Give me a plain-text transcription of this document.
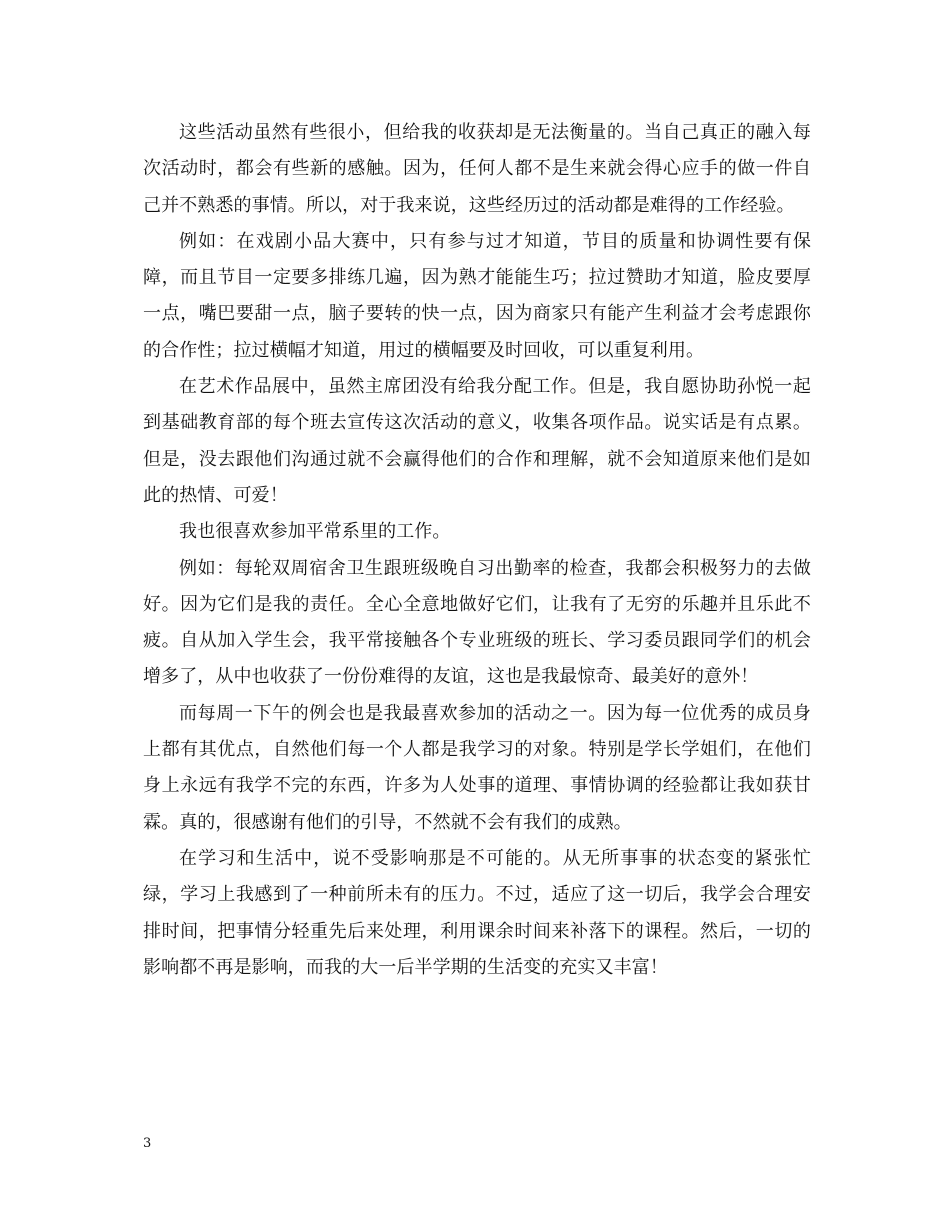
这些活动虽然有些很小，但给我的收获却是无法衡量的。当自己真正的融入每次活动时，都会有些新的感触。因为，任何人都不是生来就会得心应手的做一件自己并不熟悉的事情。所以，对于我来说，这些经历过的活动都是难得的工作经验。

例如：在戏剧小品大赛中，只有参与过才知道，节目的质量和协调性要有保障，而且节目一定要多排练几遍，因为熟才能能生巧；拉过赞助才知道，脸皮要厚一点，嘴巴要甜一点，脑子要转的快一点，因为商家只有能产生利益才会考虑跟你的合作性；拉过横幅才知道，用过的横幅要及时回收，可以重复利用。

在艺术作品展中，虽然主席团没有给我分配工作。但是，我自愿协助孙悦一起到基础教育部的每个班去宣传这次活动的意义，收集各项作品。说实话是有点累。但是，没去跟他们沟通过就不会赢得他们的合作和理解，就不会知道原来他们是如此的热情、可爱！

我也很喜欢参加平常系里的工作。

例如：每轮双周宿舍卫生跟班级晚自习出勤率的检查，我都会积极努力的去做好。因为它们是我的责任。全心全意地做好它们，让我有了无穷的乐趣并且乐此不疲。自从加入学生会，我平常接触各个专业班级的班长、学习委员跟同学们的机会增多了，从中也收获了一份份难得的友谊，这也是我最惊奇、最美好的意外！

而每周一下午的例会也是我最喜欢参加的活动之一。因为每一位优秀的成员身上都有其优点，自然他们每一个人都是我学习的对象。特别是学长学姐们，在他们身上永远有我学不完的东西，许多为人处事的道理、事情协调的经验都让我如获甘霖。真的，很感谢有他们的引导，不然就不会有我们的成熟。

在学习和生活中，说不受影响那是不可能的。从无所事事的状态变的紧张忙绿，学习上我感到了一种前所未有的压力。不过，适应了这一切后，我学会合理安排时间，把事情分轻重先后来处理，利用课余时间来补落下的课程。然后，一切的影响都不再是影响，而我的大一后半学期的生活变的充实又丰富！

3
